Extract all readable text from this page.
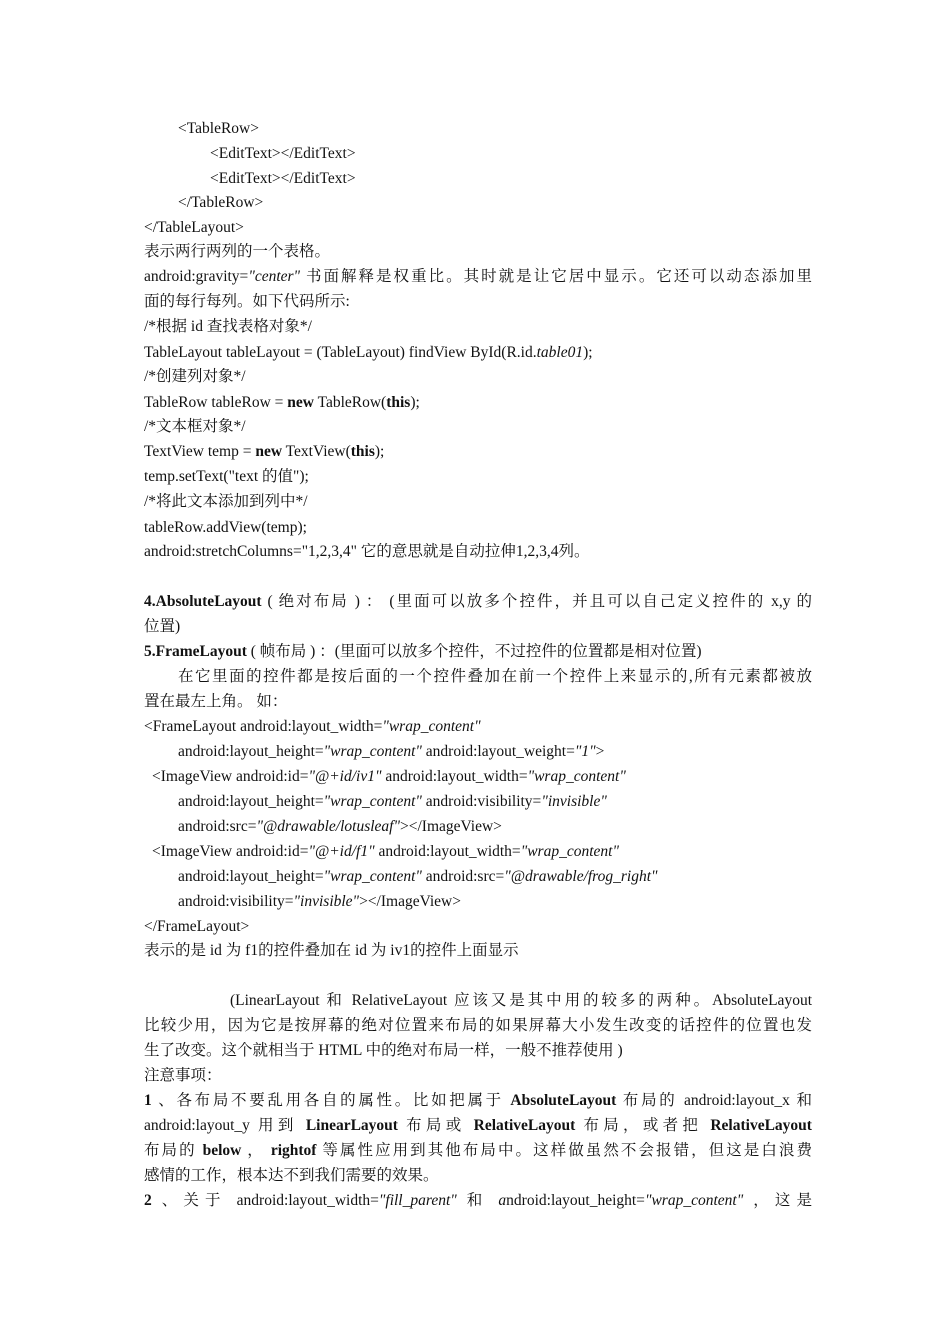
<TableRow>
<EditText></EditText>
<EditText></EditText>
</TableRow>
</TableLayout>
表示两行两列的一个表格。
android:gravity="center" 书面解释是权重比。其时就是让它居中显示。它还可以动态添加里
面的每行每列。如下代码所示:
/*根据 id 查找表格对象*/
TableLayout tableLayout = (TableLayout) findView ById(R.id.table01);
/*创建列对象*/
TableRow tableRow = new TableRow(this);
/*文本框对象*/
TextView temp = new TextView(this);
temp.setText("text 的值");
/*将此文本添加到列中*/
tableRow.addView(temp);
android:stretchColumns="1,2,3,4" 它的意思就是自动拉伸1,2,3,4列。
4.AbsoluteLayout ( 绝对布局 ) ： (里面可以放多个控件，并且可以自己定义控件的 x,y 的
位置)
5.FrameLayout ( 帧布局 ) ：(里面可以放多个控件，不过控件的位置都是相对位置)
在它里面的控件都是按后面的一个控件叠加在前一个控件上来显示的,所有元素都被放
置在最左上角。 如：
<FrameLayout android:layout_width="wrap_content"
android:layout_height="wrap_content" android:layout_weight="1">
<ImageView android:id="@+id/iv1" android:layout_width="wrap_content"
android:layout_height="wrap_content" android:visibility="invisible"
android:src="@drawable/lotusleaf"></ImageView>
<ImageView android:id="@+id/f1" android:layout_width="wrap_content"
android:layout_height="wrap_content" android:src="@drawable/frog_right"
android:visibility="invisible"></ImageView>
</FrameLayout>
表示的是 id 为 f1的控件叠加在 id 为 iv1的控件上面显示
(LinearLayout 和 RelativeLayout 应该又是其中用的较多的两种。AbsoluteLayout
比较少用，因为它是按屏幕的绝对位置来布局的如果屏幕大小发生改变的话控件的位置也发
生了改变。这个就相当于 HTML 中的绝对布局一样，一般不推荐使用 )
注意事项：
1 、各布局不要乱用各自的属性。比如把属于 AbsoluteLayout 布局的 android:layout_x 和
android:layout_y 用到 LinearLayout 布局或 RelativeLayout 布局，或者把 RelativeLayout
布局的 below ， rightof 等属性应用到其他布局中。这样做虽然不会报错，但这是白浪费
感情的工作，根本达不到我们需要的效果。
2 、关于 android:layout_width="fill_parent" 和 android:layout_height="wrap_content" ，这是
